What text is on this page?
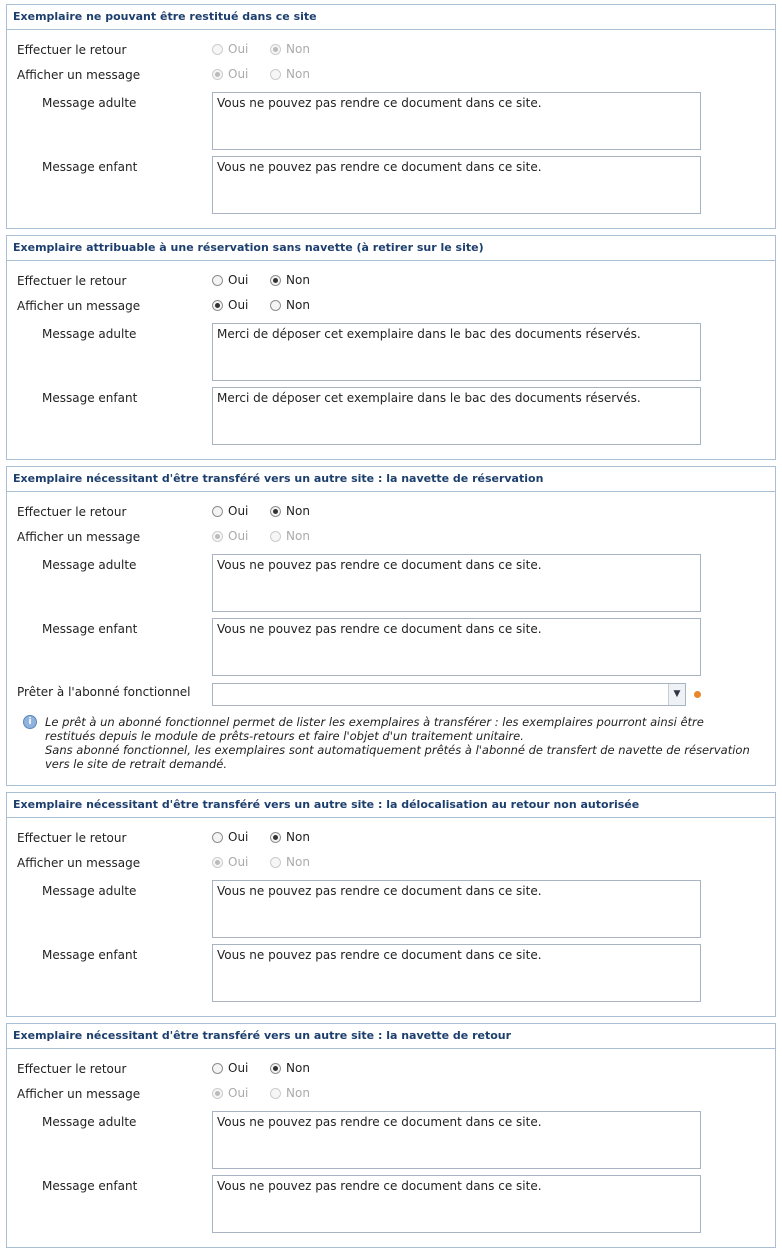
Exemplaire ne pouvant être restitué dans ce site
Effectuer le retour	Oui	Non
Afficher un message	Oui	Non
Message adulte	Vous ne pouvez pas rendre ce document dans ce site.
Message enfant	Vous ne pouvez pas rendre ce document dans ce site.
Exemplaire attribuable à une réservation sans navette (à retirer sur le site)
Effectuer le retour	Oui	Non
Afficher un message	Oui	Non
Message adulte	Merci de déposer cet exemplaire dans le bac des documents réservés.
Message enfant	Merci de déposer cet exemplaire dans le bac des documents réservés.
Exemplaire nécessitant d'être transféré vers un autre site : la navette de réservation
Effectuer le retour	Oui	Non
Afficher un message	Oui	Non
Message adulte	Vous ne pouvez pas rendre ce document dans ce site.
Message enfant	Vous ne pouvez pas rendre ce document dans ce site.
Prêter à l'abonné fonctionnel	▼
i	Le prêt à un abonné fonctionnel permet de lister les exemplaires à transférer : les exemplaires pourront ainsi être restitués depuis le module de prêts-retours et faire l'objet d'un traitement unitaire.
Sans abonné fonctionnel, les exemplaires sont automatiquement prêtés à l'abonné de transfert de navette de réservation vers le site de retrait demandé.
Exemplaire nécessitant d'être transféré vers un autre site : la délocalisation au retour non autorisée
Effectuer le retour	Oui	Non
Afficher un message	Oui	Non
Message adulte	Vous ne pouvez pas rendre ce document dans ce site.
Message enfant	Vous ne pouvez pas rendre ce document dans ce site.
Exemplaire nécessitant d'être transféré vers un autre site : la navette de retour
Effectuer le retour	Oui	Non
Afficher un message	Oui	Non
Message adulte	Vous ne pouvez pas rendre ce document dans ce site.
Message enfant	Vous ne pouvez pas rendre ce document dans ce site.
